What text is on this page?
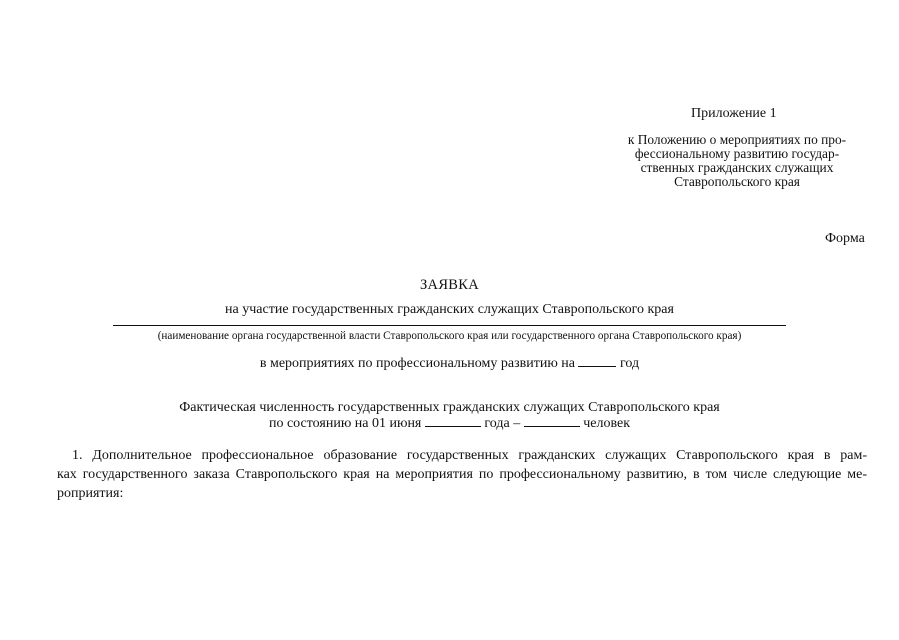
Приложение 1
к Положению о мероприятиях по про-
фессиональному развитию государ-
ственных гражданских служащих
Ставропольского края
Форма
ЗАЯВКА
на участие государственных гражданских служащих Ставропольского края
(наименование органа государственной власти Ставропольского края или государственного органа Ставропольского края)
в мероприятиях по профессиональному развитию на	год
Фактическая численность государственных гражданских служащих Ставропольского края
по состоянию на 01 июня	года –	человек
1. Дополнительное профессиональное образование государственных гражданских служащих Ставропольского края в рам-
ках государственного заказа Ставропольского края на мероприятия по профессиональному развитию, в том числе следующие ме-
роприятия:
